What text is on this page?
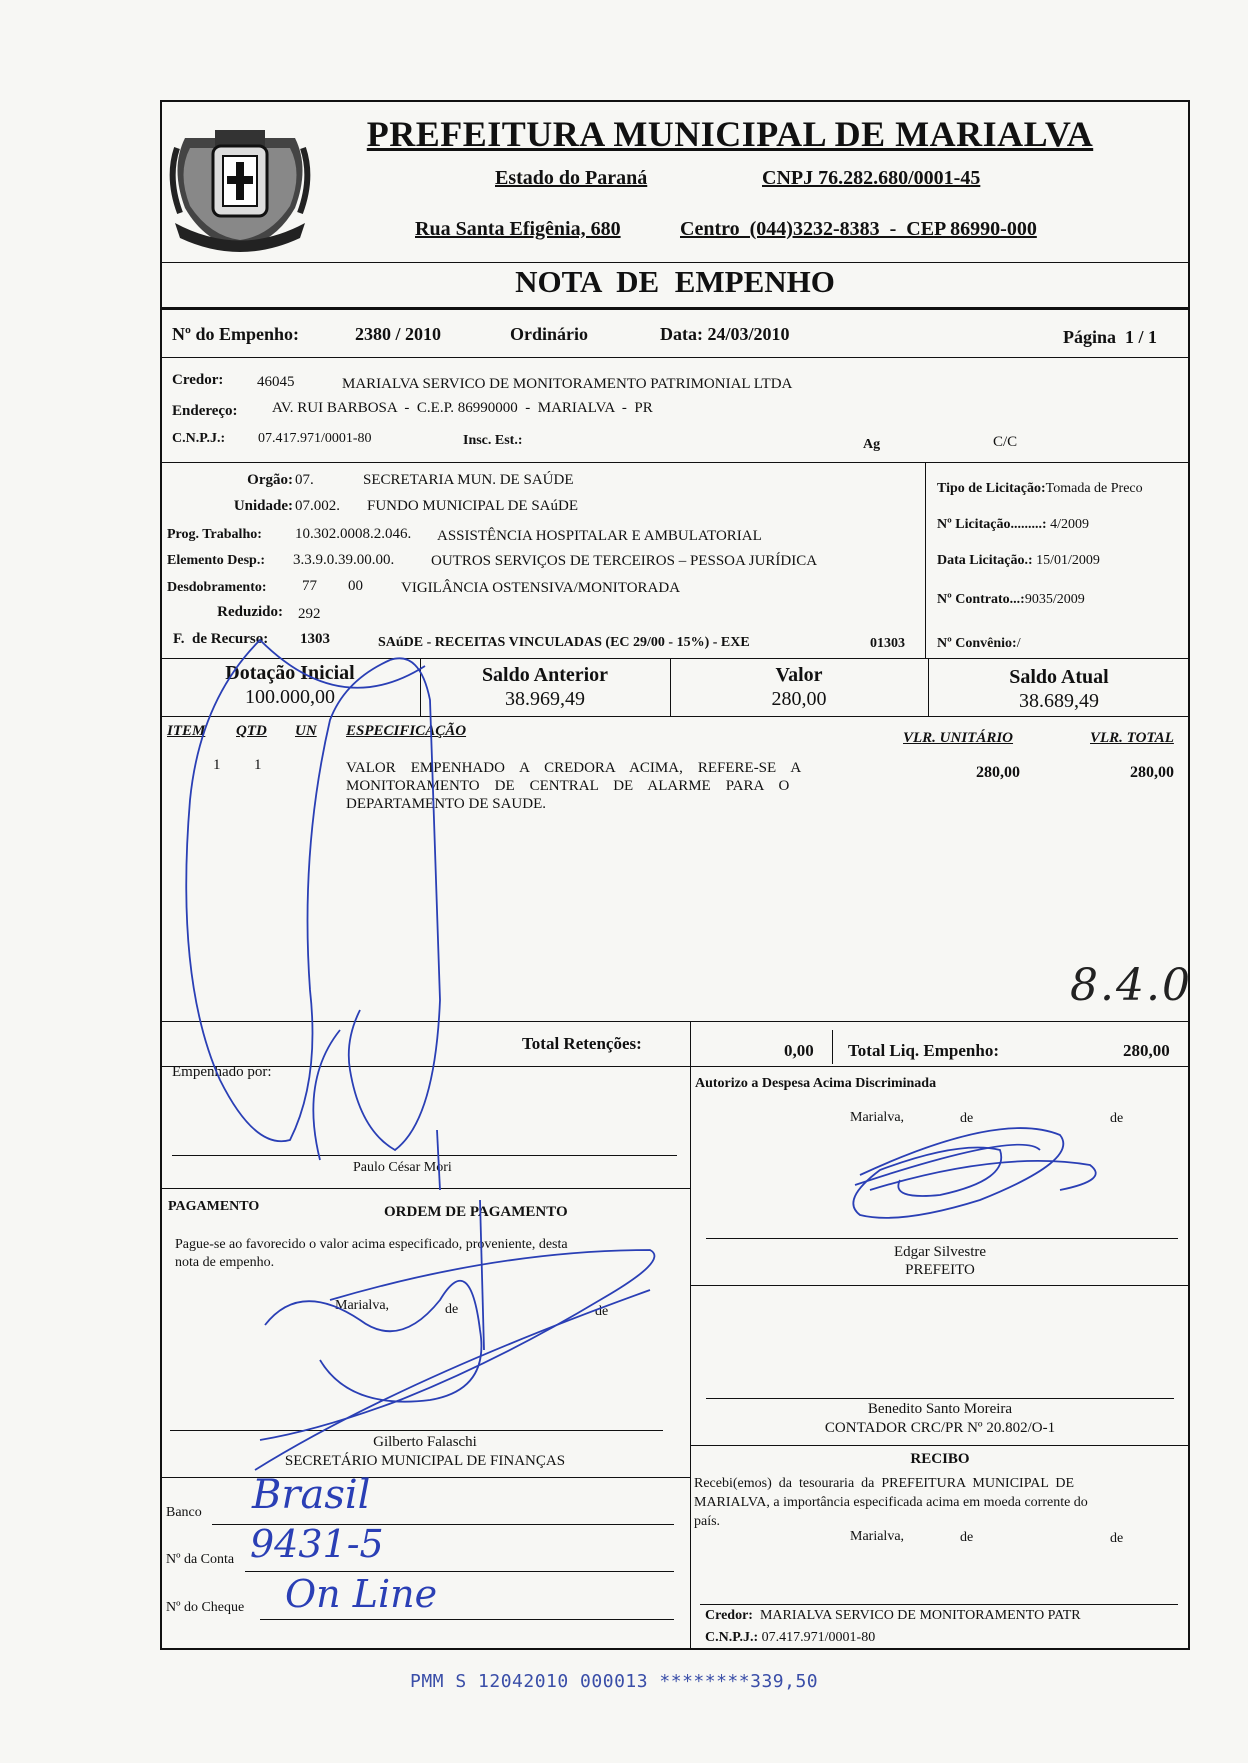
PREFEITURA MUNICIPAL DE MARIALVA
Estado do Paraná	CNPJ 76.282.680/0001-45
Rua Santa Efigênia, 680	Centro  (044)3232-8383  -  CEP 86990-000
NOTA  DE  EMPENHO
Nº do Empenho:	2380 / 2010	Ordinário	Data: 24/03/2010	Página  1 / 1
Credor: 46045	MARIALVA SERVICO DE MONITORAMENTO PATRIMONIAL LTDA
Endereço: AV. RUI BARBOSA  -  C.E.P. 86990000  -  MARIALVA  -  PR
C.N.P.J.: 07.417.971/0001-80	Insc. Est.:	Ag	C/C
Orgão: 07.	SECRETARIA MUN. DE SAÚDE
Unidade: 07.002. FUNDO MUNICIPAL DE SAúDE
Prog. Trabalho: 10.302.0008.2.046. ASSISTÊNCIA HOSPITALAR E AMBULATORIAL
Elemento Desp.: 3.3.9.0.39.00.00. OUTROS SERVIÇOS DE TERCEIROS – PESSOA JURÍDICA
Desdobramento: 77 00	VIGILÂNCIA OSTENSIVA/MONITORADA
Reduzido: 292
F.  de Recurso: 1303	SAúDE - RECEITAS VINCULADAS (EC 29/00 - 15%) - EXE	01303
Tipo de Licitação:Tomada de Preco
Nº Licitação.........: 4/2009
Data Licitação.: 15/01/2009
Nº Contrato...:9035/2009
Nº Convênio:/
Dotação Inicial
100.000,00
Saldo Anterior
38.969,49
Valor
280,00
Saldo Atual
38.689,49
ITEM QTD UN ESPECIFICAÇÃO	VLR. UNITÁRIO	VLR. TOTAL
1 1	VALOR    EMPENHADO    A    CREDORA    ACIMA,    REFERE-SE    A
MONITORAMENTO    DE    CENTRAL    DE    ALARME    PARA    O
DEPARTAMENTO DE SAUDE.
280,00	280,00
8.4.0
Total Retenções:	0,00 Total Liq. Empenho:	280,00
Empenhado por:
Paulo César Mori
Autorizo a Despesa Acima Discriminada
Marialva,	de	de
Edgar Silvestre
PREFEITO
PAGAMENTO	ORDEM DE PAGAMENTO
Pague-se ao favorecido o valor acima especificado, proveniente, desta
nota de empenho.
Marialva,	de	de
Gilberto Falaschi
SECRETÁRIO MUNICIPAL DE FINANÇAS
Benedito Santo Moreira
CONTADOR CRC/PR Nº 20.802/O-1
RECIBO
Recebi(emos)  da  tesouraria  da  PREFEITURA  MUNICIPAL  DE
MARIALVA, a importância especificada acima em moeda corrente do
país.
Marialva,	de	de
Credor: MARIALVA SERVICO DE MONITORAMENTO PATR
C.N.P.J.: 07.417.971/0001-80
Banco Brasil
Nº da Conta 9431-5
Nº do Cheque On Line
PMM S 12042010 000013 ********339,50
